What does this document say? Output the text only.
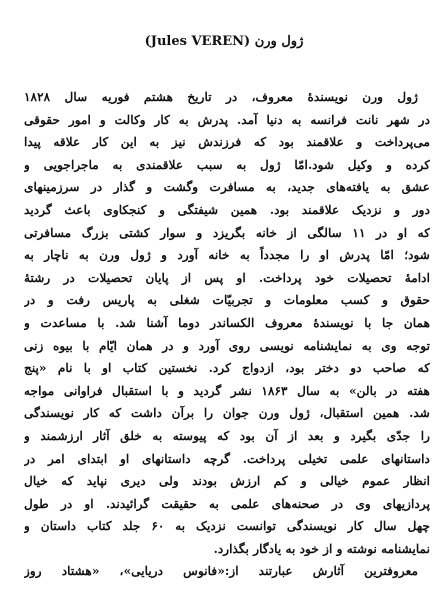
ژول ورن (Jules VEREN)
ژول ورن نویسندهٔ معروف، در تاریخ هشتم فوریه سال ۱۸۲۸
در شهر نانت فرانسه به دنیا آمد. پدرش به کار وکالت و امور حقوقی
می‌پرداخت و علاقمند بود که فرزندش نیز به این کار علاقه پیدا
کرده و وکیل شود.امّا ژول به سبب علاقمندی به ماجراجویی و
عشق به یافته‌های جدید، به مسافرت وگشت و گذار در سرزمینهای
دور و نزدیک علاقمند بود. همین شیفتگی و کنجکاوی باعث گردید
که او در ۱۱ سالگی از خانه بگریزد و سوار کشتی بزرگ مسافرتی
شود؛ امّا پدرش او را مجدداً به خانه آورد و ژول ورن به ناچار به
ادامهٔ تحصیلات خود پرداخت. او پس از پایان تحصیلات در رشتهٔ
حقوق و کسب معلومات و تجربیّات شغلی به پاریس رفت و در
همان جا با نویسندهٔ معروف الکساندر دوما آشنا شد. با مساعدت و
توجه وی به نمایشنامه نویسی روی آورد و در همان ایّام با بیوه زنی
که صاحب دو دختر بود، ازدواج کرد. نخستین کتاب او با نام «پنج
هفته در بالن» به سال ۱۸۶۳ نشر گردید و با استقبال فراوانی مواجه
شد. همین استقبال، ژول ورن جوان را برآن داشت که کار نویسندگی
را جدّی بگیرد و بعد از آن بود که پیوسته به خلق آثار ارزشمند و
داستانهای علمی تخیلی پرداخت. گرچه داستانهای او ابتدای امر در
انظار عموم خیالی و کم ارزش بودند ولی دیری نپاید که خیال
پردازیهای وی در صحنه‌های علمی به حقیقت گرائیدند. او در طول
چهل سال کار نویسندگی توانست نزدیک به ۶۰ جلد کتاب داستان و
نمایشنامه نوشته و از خود به یادگار بگذارد.
معروفترین آثارش عبارتند از:«فانوس دریایی»، «هشتاد روز
